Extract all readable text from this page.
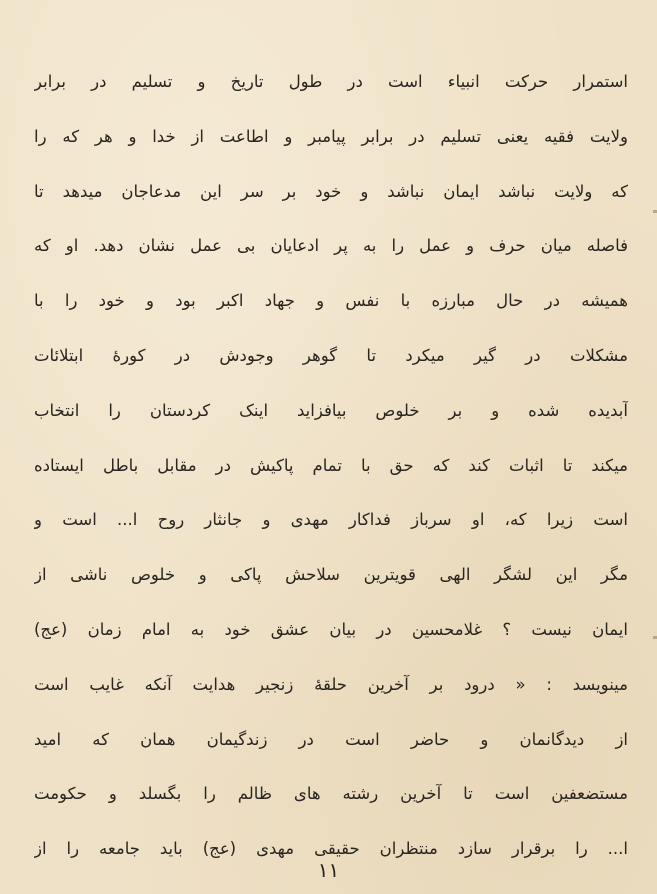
استمرار حرکت انبیاء است در طول تاریخ و تسلیم در برابر
ولایت فقیه یعنی تسلیم در برابر پیامبر و اطاعت از خدا و هر که را
که ولایت نباشد ایمان نباشد و خود بر سر این مدعاجان میدهد تا
فاصله میان حرف و عمل را به پر ادعایان بی عمل نشان دهد. او که
همیشه در حال مبارزه با نفس و جهاد اکبر بود و خود را با
مشکلات در گیر میکرد تا گوهر وجودش در کورهٔ ابتلائات
آبدیده شده و بر خلوص بیافزاید اینک کردستان را انتخاب
میکند تا اثبات کند که حق با تمام پاکیش در مقابل باطل ایستاده
است زیرا که، او سرباز فداکار مهدی و جانثار روح ا... است و
مگر این لشگر الهی قویترین سلاحش پاکی و خلوص ناشی از
ایمان نیست ؟ غلامحسین در بیان عشق خود به امام زمان (عج)
مینویسد : « درود بر آخرین حلقهٔ زنجیر هدایت آنکه غایب است
از دیدگانمان و حاضر است در زندگیمان همان که امید
مستضعفین است تا آخرین رشته های ظالم را بگسلد و حکومت
ا... را برقرار سازد منتظران حقیقی مهدی (عج) باید جامعه را از
۱۱
